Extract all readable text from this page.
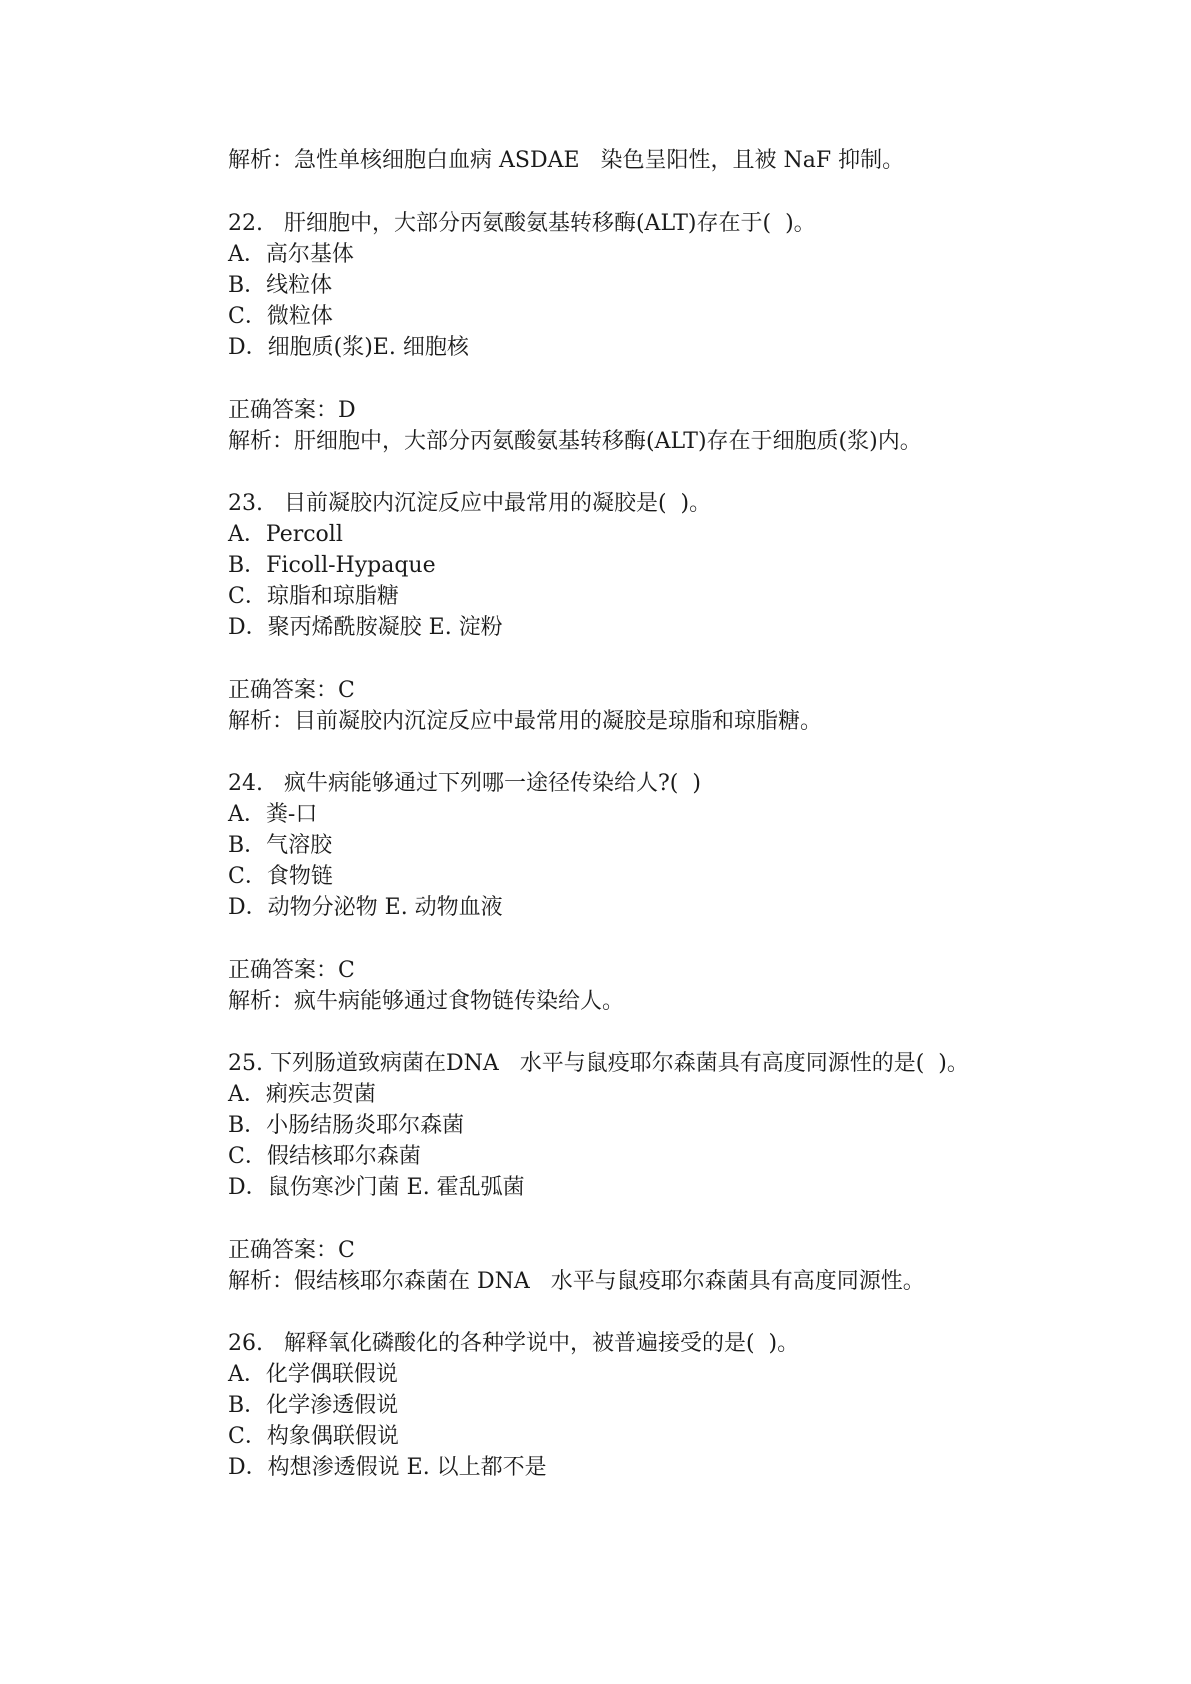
解析：急性单核细胞白血病 ASDAE   染色呈阳性，且被 NaF 抑制。
22.   肝细胞中，大部分丙氨酸氨基转移酶(ALT)存在于(  )。
A．高尔基体
B．线粒体
C．微粒体
D．细胞质(浆)E. 细胞核
正确答案：D
解析：肝细胞中，大部分丙氨酸氨基转移酶(ALT)存在于细胞质(浆)内。
23.   目前凝胶内沉淀反应中最常用的凝胶是(  )。
A．Percoll
B．Ficoll-Hypaque
C．琼脂和琼脂糖
D．聚丙烯酰胺凝胶 E. 淀粉
正确答案：C
解析：目前凝胶内沉淀反应中最常用的凝胶是琼脂和琼脂糖。
24.   疯牛病能够通过下列哪一途径传染给人?(  )
A．粪-口
B．气溶胶
C．食物链
D．动物分泌物 E. 动物血液
正确答案：C
解析：疯牛病能够通过食物链传染给人。
25. 下列肠道致病菌在DNA   水平与鼠疫耶尔森菌具有高度同源性的是(  )。
A．痢疾志贺菌
B．小肠结肠炎耶尔森菌
C．假结核耶尔森菌
D．鼠伤寒沙门菌 E. 霍乱弧菌
正确答案：C
解析：假结核耶尔森菌在 DNA   水平与鼠疫耶尔森菌具有高度同源性。
26.   解释氧化磷酸化的各种学说中，被普遍接受的是(  )。
A．化学偶联假说
B．化学渗透假说
C．构象偶联假说
D．构想渗透假说 E. 以上都不是
